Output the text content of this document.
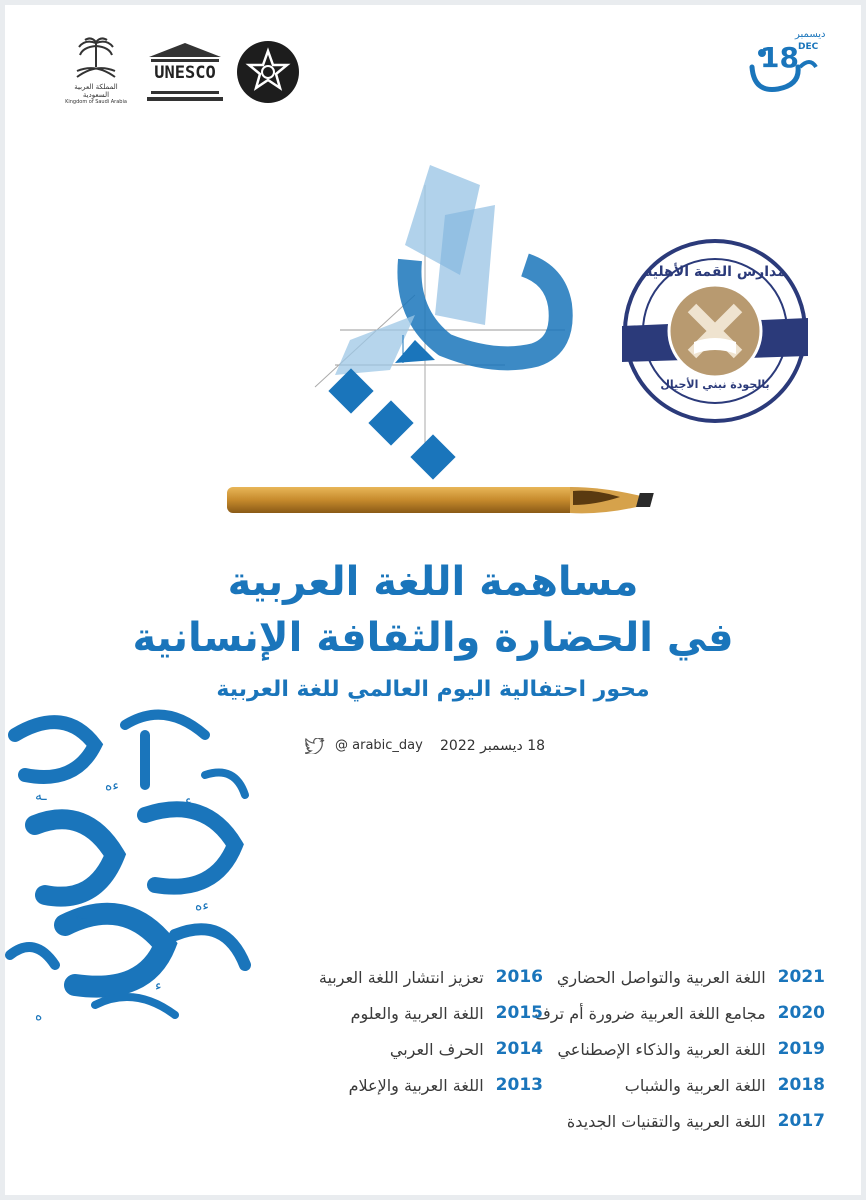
المملكة العربية السعودية
Kingdom of Saudi Arabia
UNESCO	18
ديسمبر
DEC
مدارس القمة الأهلية
بالجودة نبني الأجيال
مساهمة اللغة العربية
في الحضارة والثقافة الإنسانية
محور احتفالية اليوم العالمي للغة العربية
18 ديسمبر 2022
@ arabic_day
ـه
ءه
ء
ـه
ءه
ه
ء	2021
اللغة العربية والتواصل الحضاري
2020
مجامع اللغة العربية ضرورة أم ترف
2019
اللغة العربية والذكاء الإصطناعي
2018
اللغة العربية والشباب
2017
اللغة العربية والتقنيات الجديدة
2016
تعزيز انتشار اللغة العربية
2015
اللغة العربية والعلوم
2014
الحرف العربي
2013
اللغة العربية والإعلام
